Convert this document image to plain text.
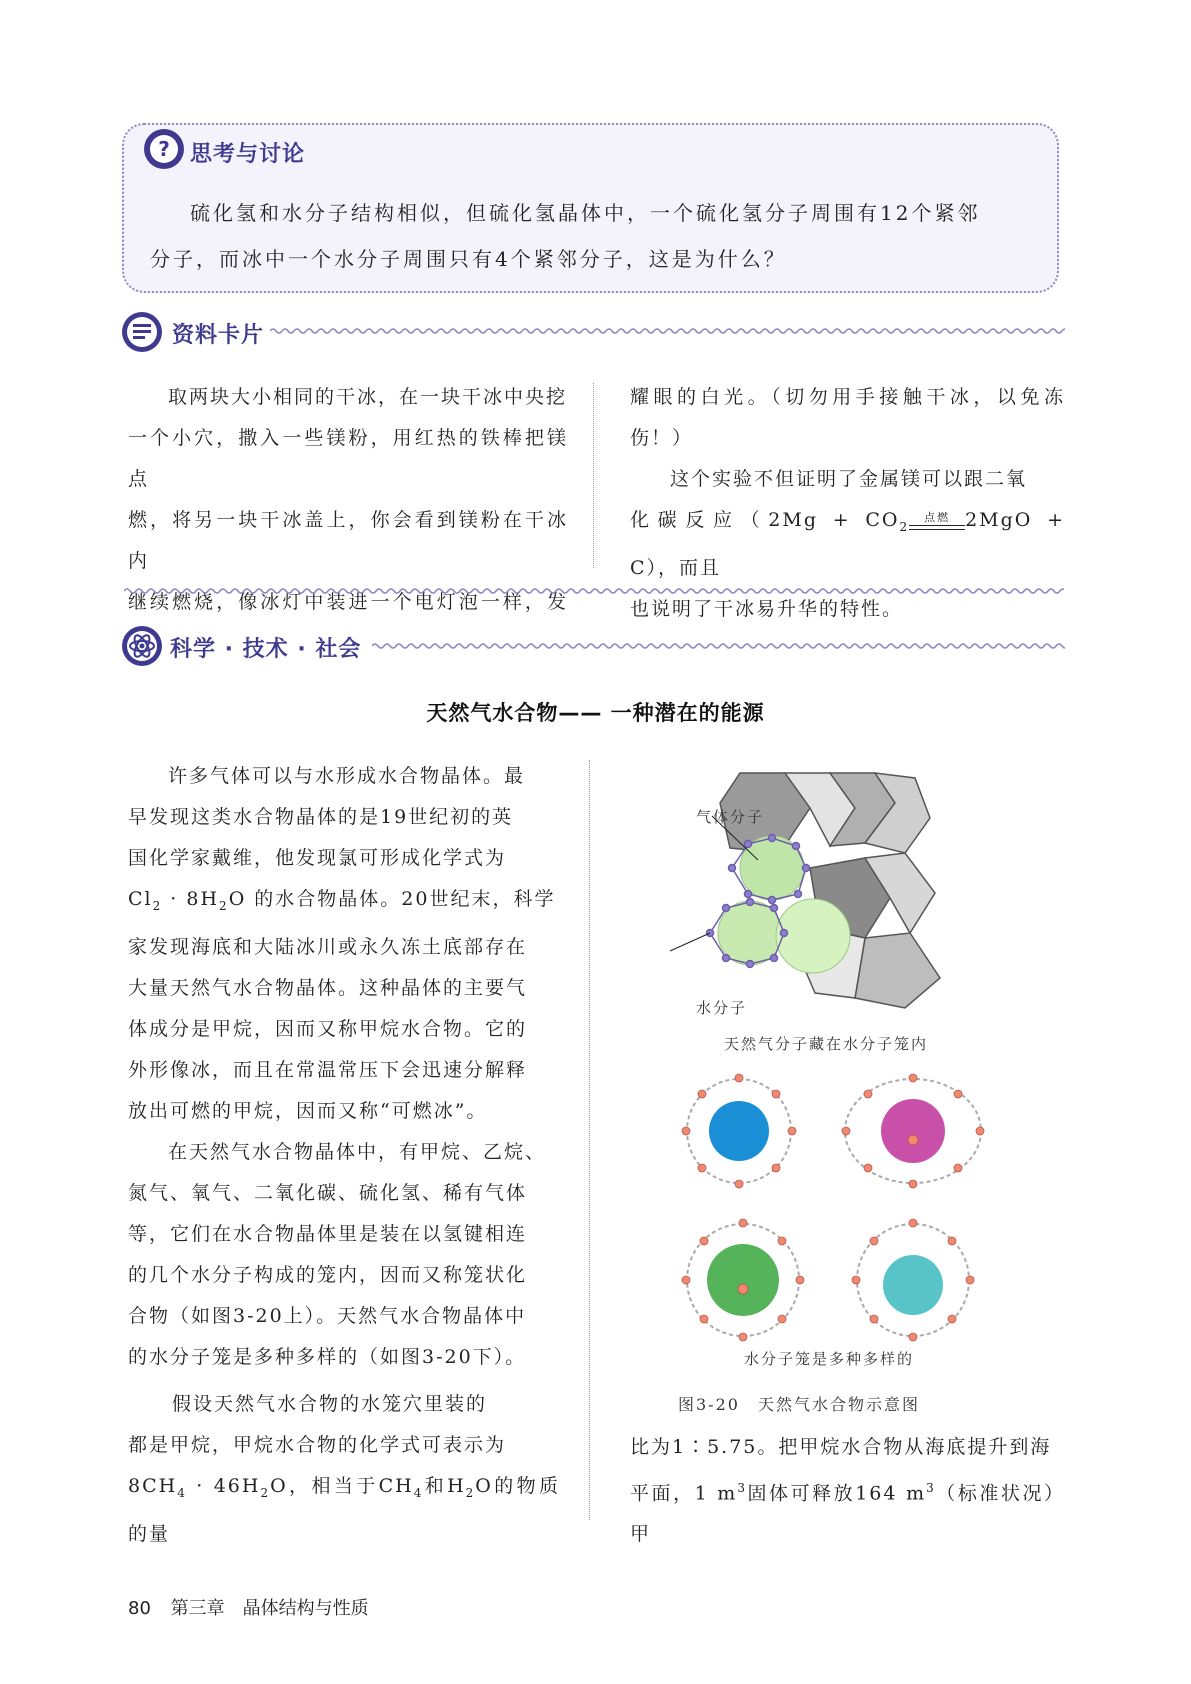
? 思考与讨论
硫化氢和水分子结构相似，但硫化氢晶体中，一个硫化氢分子周围有12个紧邻
分子，而冰中一个水分子周围只有4个紧邻分子，这是为什么？
资料卡片

取两块大小相同的干冰，在一块干冰中央挖

一个小穴，撒入一些镁粉，用红热的铁棒把镁点

燃，将另一块干冰盖上，你会看到镁粉在干冰内

继续燃烧，像冰灯中装进一个电灯泡一样，发

耀眼的白光。（切勿用手接触干冰，以免冻伤！）

这个实验不但证明了金属镁可以跟二氧

化碳反应（$2Mg + CO_2$
点燃 2MgO + C），而且

也说明了干冰易升华的特性。

科学 · 技术 · 社会
天然气水合物—— 一种潜在的能源

许多气体可以与水形成水合物晶体。最

早发现这类水合物晶体的是19世纪初的英

国化学家戴维，他发现氯可形成化学式为

$Cl_2 \cdot 8H_2O$ 的水合物晶体。20世纪末，科学

家发现海底和大陆冰川或永久冻土底部存在

大量天然气水合物晶体。这种晶体的主要气

体成分是甲烷，因而又称甲烷水合物。它的

外形像冰，而且在常温常压下会迅速分解释

放出可燃的甲烷，因而又称“可燃冰”。

在天然气水合物晶体中，有甲烷、乙烷、

氮气、氧气、二氧化碳、硫化氢、稀有气体

等，它们在水合物晶体里是装在以氢键相连

的几个水分子构成的笼内，因而又称笼状化

合物（如图3-20上）。天然气水合物晶体中

的水分子笼是多种多样的（如图3-20下）。

假设天然气水合物的水笼穴里装的

都是甲烷，甲烷水合物的化学式可表示为

$8CH_4 \cdot 46H_2O$，相当于$CH_4$和$H_2O$的物质的量

气体分子
水分子
天然气分子藏在水分子笼内
水分子笼是多种多样的
图3-20　天然气水合物示意图

比为1∶5.75。把甲烷水合物从海底提升到海

平面，1 $m^3$固体可释放164 $m^3$（标准状况）甲

80 第三章　晶体结构与性质
